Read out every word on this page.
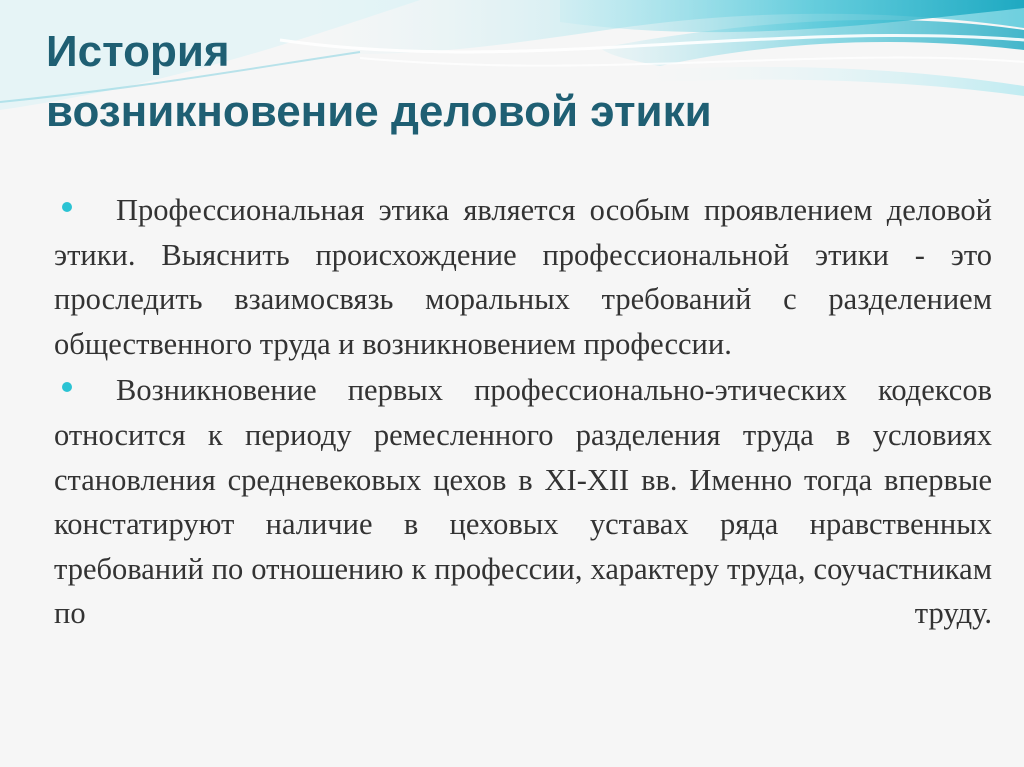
История
возникновение деловой этики
Профессиональная этика является особым проявлением деловой этики. Выяснить происхождение профессиональной этики - это проследить взаимосвязь моральных требований с разделением общественного труда и возникновением профессии.
Возникновение первых профессионально-этических кодексов относится к периоду ремесленного разделения труда в условиях становления средневековых цехов в XI-XII вв. Именно тогда впервые констатируют наличие в цеховых уставах ряда нравственных требований по отношению к профессии, характеру труда, соучастникам по труду.
